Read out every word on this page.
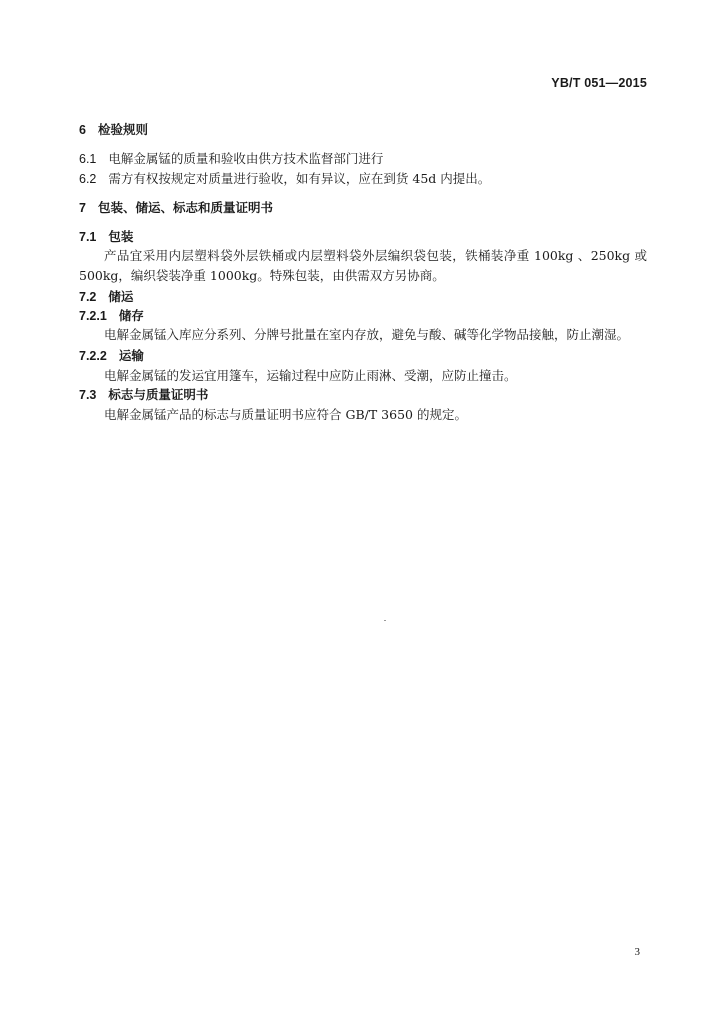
YB/T 051—2015
6 检验规则
6.1 电解金属锰的质量和验收由供方技术监督部门进行
6.2 需方有权按规定对质量进行验收，如有异议，应在到货 45d 内提出。
7 包装、储运、标志和质量证明书
7.1 包装
产品宜采用内层塑料袋外层铁桶或内层塑料袋外层编织袋包装，铁桶装净重 100kg 、250kg 或 500kg，编织袋装净重 1000kg。特殊包装，由供需双方另协商。
7.2 储运
7.2.1 储存
电解金属锰入库应分系列、分牌号批量在室内存放，避免与酸、碱等化学物品接触，防止潮湿。
7.2.2 运输
电解金属锰的发运宜用篷车，运输过程中应防止雨淋、受潮，应防止撞击。
7.3 标志与质量证明书
电解金属锰产品的标志与质量证明书应符合 GB/T 3650 的规定。
3
